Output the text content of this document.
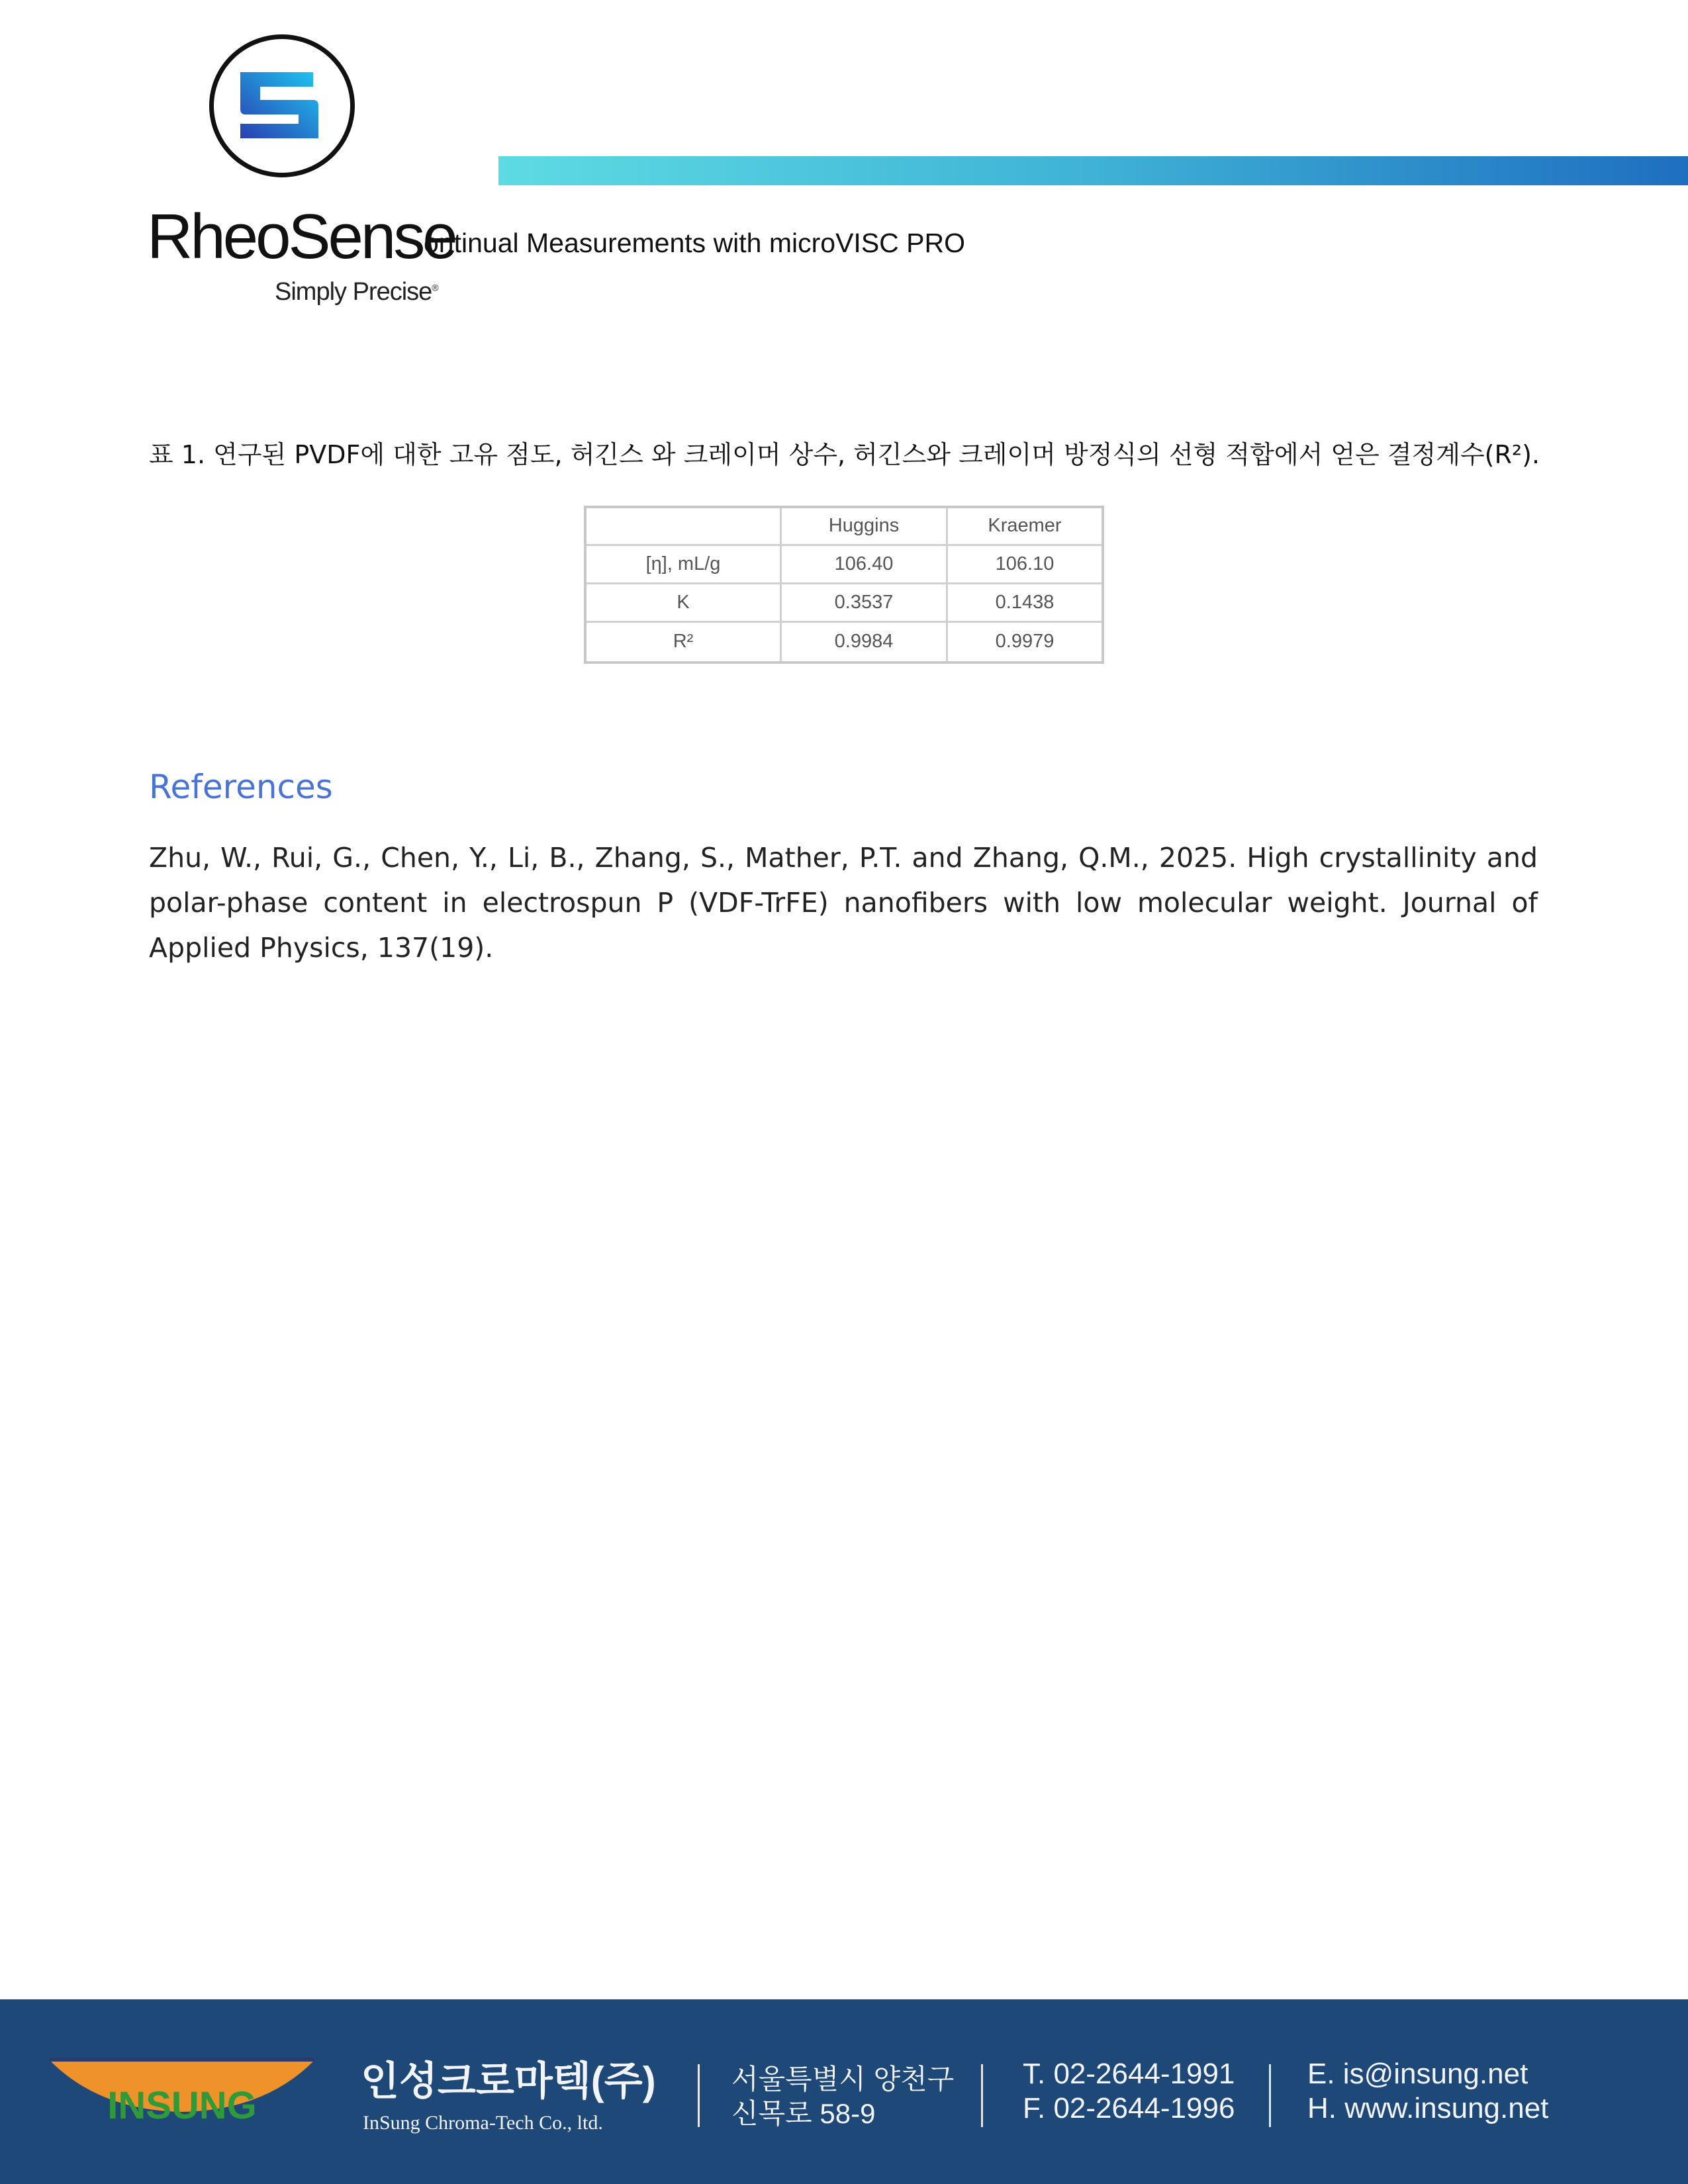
RheoSense
Simply Precise®
ontinual Measurements with microVISC PRO
표 1. 연구된 PVDF에 대한 고유 점도, 허긴스 와 크레이머 상수, 허긴스와 크레이머 방정식의 선형 적합에서 얻은 결정계수(R²).
	Huggins	Kraemer
[η], mL/g	106.40	106.10
K	0.3537	0.1438
R²	0.9984	0.9979
References
Zhu, W., Rui, G., Chen, Y., Li, B., Zhang, S., Mather, P.T. and Zhang, Q.M., 2025. High crystallinity and polar-phase content in electrospun P (VDF-TrFE) nanofibers with low molecular weight. Journal of Applied Physics, 137(19).
INSUNG
인성크로마텍(주)
InSung Chroma-Tech Co., ltd.
서울특별시 양천구
신목로 58-9
T. 02-2644-1991
F. 02-2644-1996
E. is@insung.net
H. www.insung.net
